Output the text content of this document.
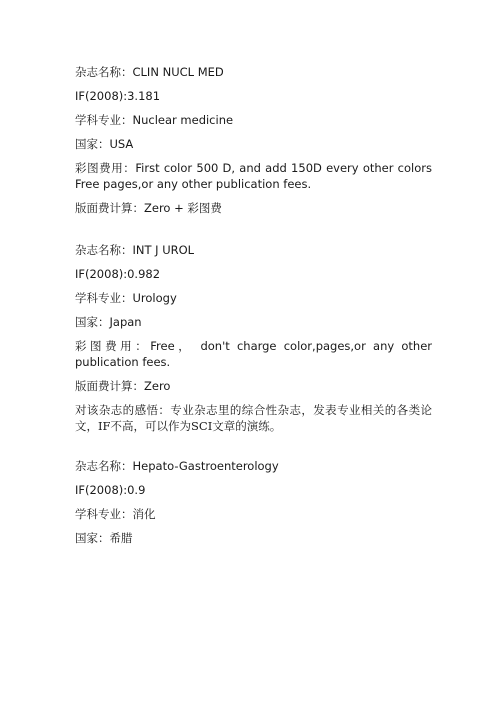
杂志名称：CLIN NUCL MED

IF(2008):3.181

学科专业：Nuclear medicine

国家：USA

彩图费用：First color 500 D, and add 150D every other colors Free pages,or any other publication fees.

版面费计算：Zero + 彩图费

杂志名称：INT J UROL

IF(2008):0.982

学科专业：Urology

国家：Japan

彩图费用：Free， don't charge color,pages,or any other publication fees.

版面费计算：Zero

对该杂志的感悟：专业杂志里的综合性杂志，发表专业相关的各类论文，IF不高，可以作为SCI文章的演练。

杂志名称：Hepato-Gastroenterology

IF(2008):0.9

学科专业：消化

国家：希腊
